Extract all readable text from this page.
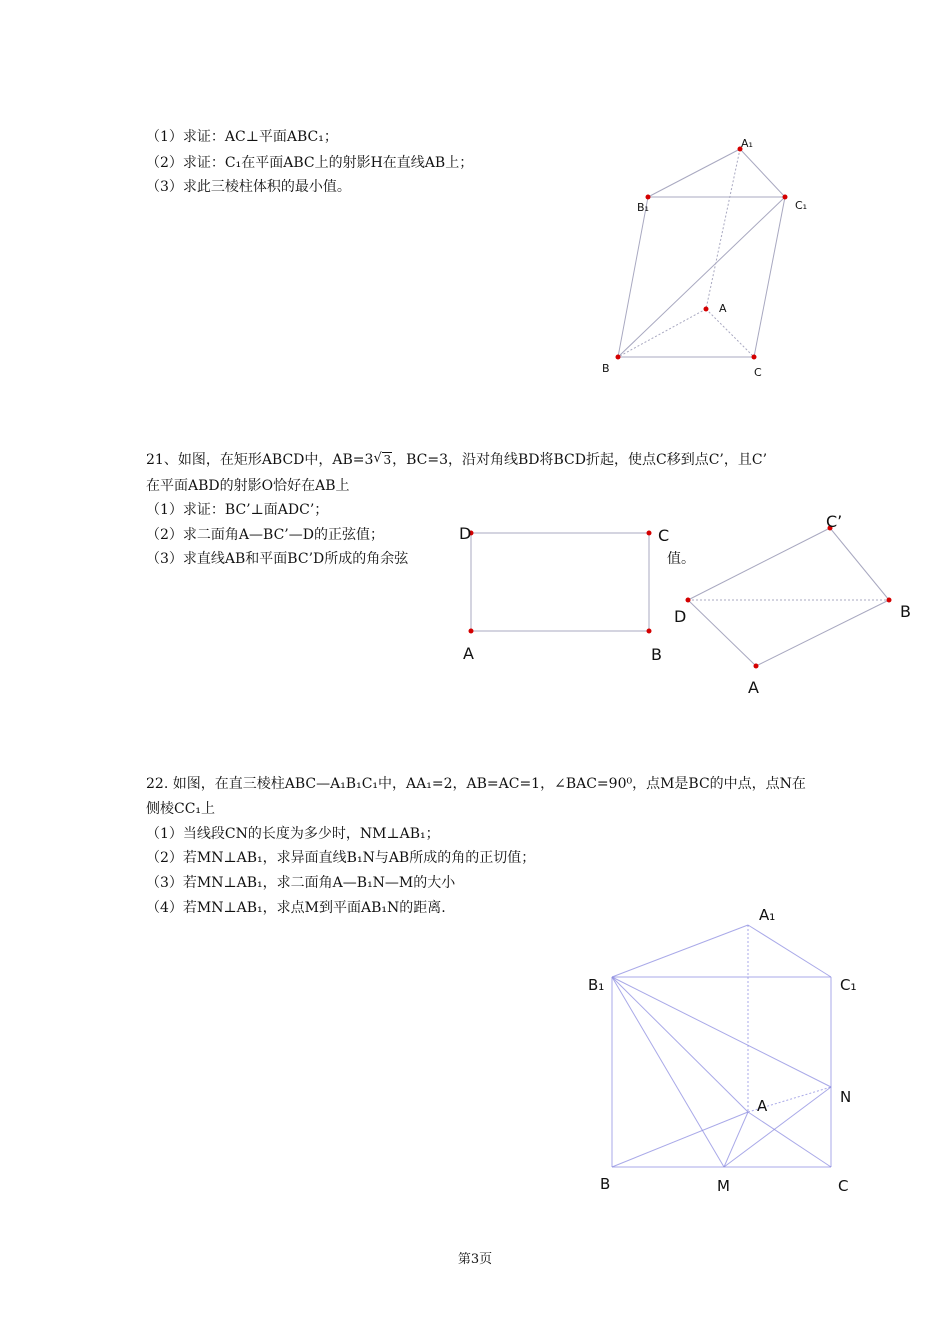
（1）求证：AC⊥平面ABC₁；
（2）求证：C₁在平面ABC上的射影H在直线AB上；
（3）求此三棱柱体积的最小值。
21、如图，在矩形ABCD中，AB=3 √ 3，BC=3，沿对角线BD将BCD折起，使点C移到点C’，且C’
在平面ABD的射影O恰好在AB上
（1）求证：BC’⊥面ADC’；
（2）求二面角A—BC’—D的正弦值；
（3）求直线AB和平面BC’D所成的角余弦	值。
22. 如图，在直三棱柱ABC—A₁B₁C₁中，AA₁=2，AB=AC=1，∠BAC=90⁰，点M是BC的中点，点N在
侧棱CC₁上
（1）当线段CN的长度为多少时，NM⊥AB₁；
（2）若MN⊥AB₁，求异面直线B₁N与AB所成的角的正切值；
（3）若MN⊥AB₁，求二面角A—B₁N—M的大小
（4）若MN⊥AB₁，求点M到平面AB₁N的距离.
A₁
B₁	C₁
A
B	C
D	C
A	B
C’
D	B
A
A₁
B₁	C₁
N
A
B	M	C
第3页
